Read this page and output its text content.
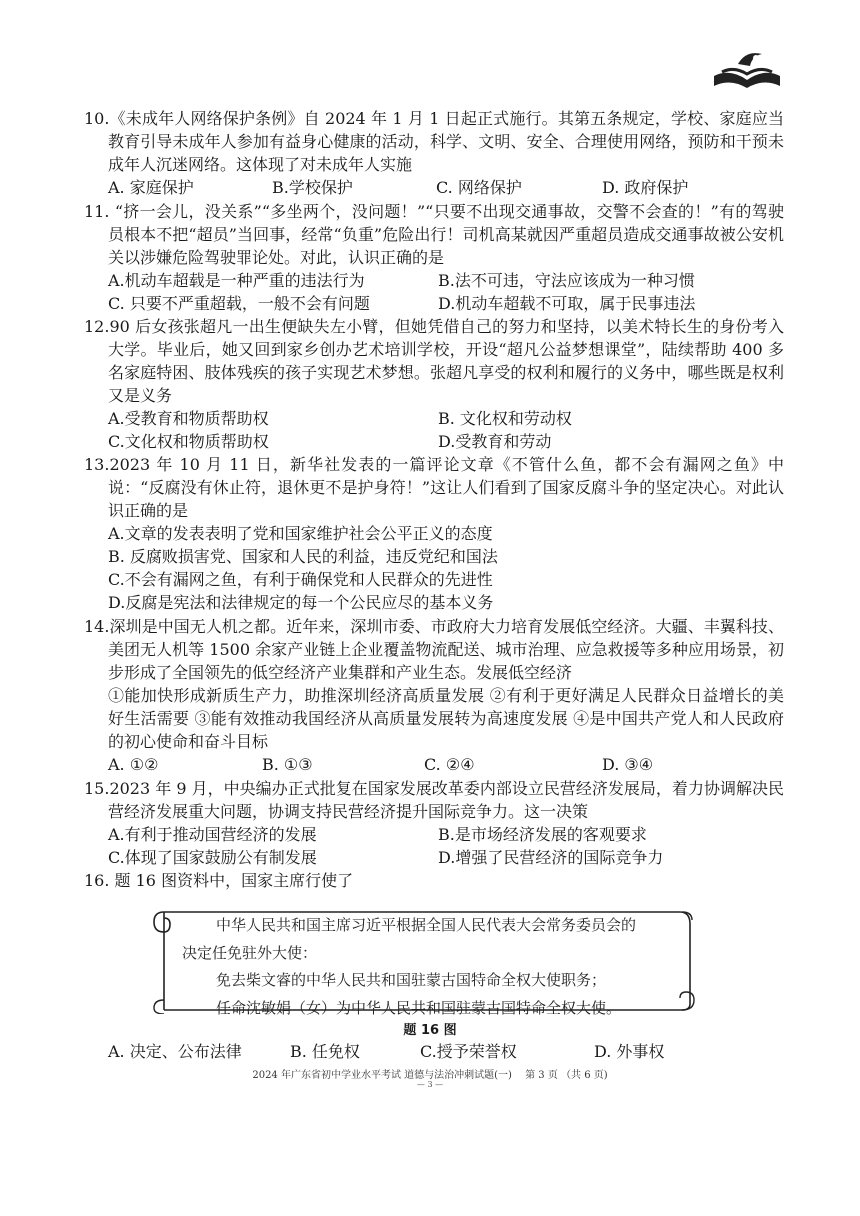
10.《未成年人网络保护条例》自 2024 年 1 月 1 日起正式施行。其第五条规定，学校、家庭应当教育引导未成年人参加有益身心健康的活动，科学、文明、安全、合理使用网络，预防和干预未成年人沉迷网络。这体现了对未成年人实施

A. 家庭保护	B.学校保护	C. 网络保护	D. 政府保护

11. “挤一会儿，没关系”“多坐两个，没问题！”“只要不出现交通事故，交警不会查的！”有的驾驶员根本不把“超员”当回事，经常“负重”危险出行！司机高某就因严重超员造成交通事故被公安机关以涉嫌危险驾驶罪论处。对此，认识正确的是

A.机动车超载是一种严重的违法行为	B.法不可违，守法应该成为一种习惯
C. 只要不严重超载，一般不会有问题	D.机动车超载不可取，属于民事违法

12.90 后女孩张超凡一出生便缺失左小臂，但她凭借自己的努力和坚持，以美术特长生的身份考入大学。毕业后，她又回到家乡创办艺术培训学校，开设“超凡公益梦想课堂”，陆续帮助 400 多名家庭特困、肢体残疾的孩子实现艺术梦想。张超凡享受的权利和履行的义务中，哪些既是权利又是义务

A.受教育和物质帮助权	B. 文化权和劳动权
C.文化权和物质帮助权	D.受教育和劳动

13.2023 年 10 月 11 日，新华社发表的一篇评论文章《不管什么鱼，都不会有漏网之鱼》中说：“反腐没有休止符，退休更不是护身符！”这让人们看到了国家反腐斗争的坚定决心。对此认识正确的是

A.文章的发表表明了党和国家维护社会公平正义的态度
B. 反腐败损害党、国家和人民的利益，违反党纪和国法
C.不会有漏网之鱼，有利于确保党和人民群众的先进性
D.反腐是宪法和法律规定的每一个公民应尽的基本义务

14.深圳是中国无人机之都。近年来，深圳市委、市政府大力培育发展低空经济。大疆、丰翼科技、美团无人机等 1500 余家产业链上企业覆盖物流配送、城市治理、应急救援等多种应用场景，初步形成了全国领先的低空经济产业集群和产业生态。发展低空经济

①能加快形成新质生产力，助推深圳经济高质量发展 ②有利于更好满足人民群众日益增长的美好生活需要 ③能有效推动我国经济从高质量发展转为高速度发展 ④是中国共产党人和人民政府的初心使命和奋斗目标

A. ①②	B. ①③	C. ②④	D. ③④

15.2023 年 9 月，中央编办正式批复在国家发展改革委内部设立民营经济发展局，着力协调解决民营经济发展重大问题，协调支持民营经济提升国际竞争力。这一决策

A.有利于推动国营经济的发展	B.是市场经济发展的客观要求
C.体现了国家鼓励公有制发展	D.增强了民营经济的国际竞争力

16. 题 16 图资料中，国家主席行使了

中华人民共和国主席习近平根据全国人民代表大会常务委员会的
决定任免驻外大使：
免去柴文睿的中华人民共和国驻蒙古国特命全权大使职务；
任命沈敏娟（女）为中华人民共和国驻蒙古国特命全权大使。
题 16 图
A. 决定、公布法律	B. 任免权	C.授予荣誉权	D. 外事权
2024 年广东省初中学业水平考试 道德与法治冲刺试题(一)　 第 3 页 （共 6 页)
— 3 —
